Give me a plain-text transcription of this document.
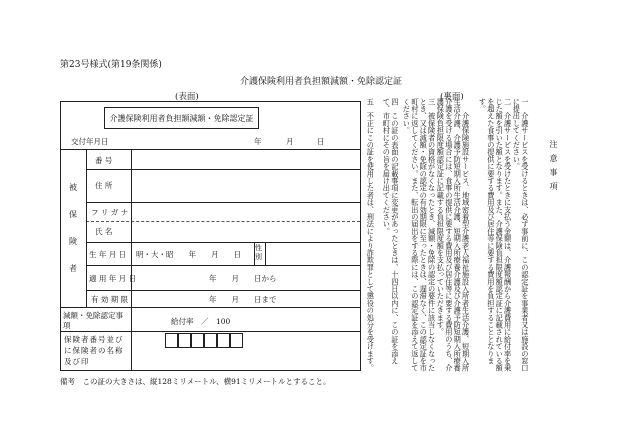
第23号様式(第19条関係)
介護保険利用者負担額減額・免除認定証
(表面)	(裏面)
介護保険利用者負担額減額・免除認定証
交付年月日	年	月	日
被
保
険
者
番 号
住 所
フ リ ガ ナ
氏 名
生 年 月 日 明・大・昭　　年　　月　　日
性別
適 用 年 月 日	年　　月　　日から
有 効 期 限	年　　月　　日まで
減額・免除認定事項	給付率　／　100
保険者番号並びに保険者の名称及び印
注意事項
一　介護サービスを受けるときは、必ず事前に、この認定証を事業者又は施設の窓口に提出してください。
二　介護サービスを受けたときに支払う金額は、介護報酬から介護費用に給付率を乗じた額を引いた額となります。また、介護保険負担限度額認定証に記載されている額を超えた食事の提供に要する費用及び居住等に要する費用を負担することとなります。
　　介護保険施設サービス、地域密着型介護老人福祉施設入所者生活介護、短期入所生活介護、介護予防短期入所生活介護、短期入所療養介護及び介護予防短期入所療養介護を受ける場合には、食事の提供に要する費用及び居住等に要する費用のうち、介護保険負担限度額認定証に記載する負担限度額を支払っていただきます。
三　被保険者の資格がなくなったとき、減額・免除の認定の要件に該当しなくなったとき、又は減額・免除の認定の有効期限に至ったときは、遅滞なく、この認定証を市町村に返してください。また、転出の届出をする際には、この認定証を添えて返してください。
四　この証の表面の記載事項に変更があったときは、十四日以内に、この証を添えて、市町村にその旨を届け出てください。
五　不正にこの証を使用した者は、刑法により詐欺罪として懲役の処分を受けます。
備考　この証の大きさは、縦128ミリメートル、横91ミリメートルとすること。
